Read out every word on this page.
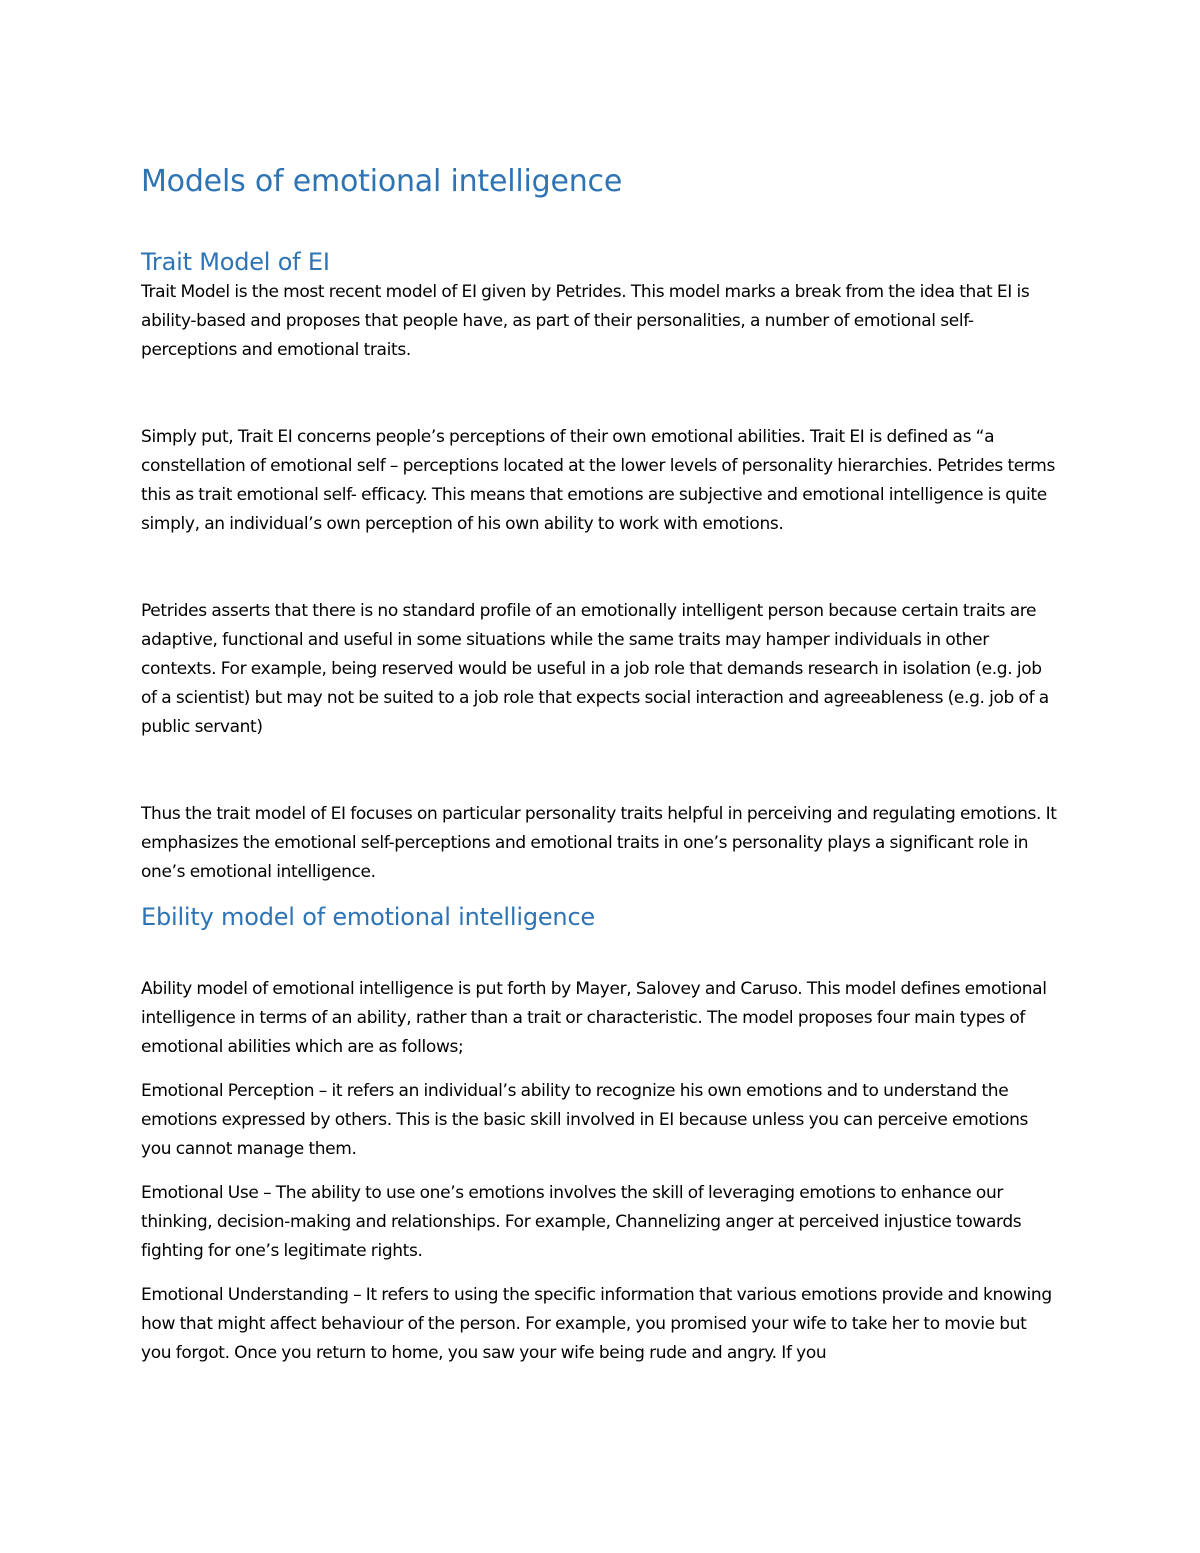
Models of emotional intelligence
Trait Model of EI

Trait Model is the most recent model of EI given by Petrides. This model marks a break from the idea that EI is ability-based and proposes that people have, as part of their personalities, a number of emotional self-perceptions and emotional traits.

Simply put, Trait EI concerns people’s perceptions of their own emotional abilities. Trait EI is defined as “a constellation of emotional self – perceptions located at the lower levels of personality hierarchies. Petrides terms this as trait emotional self- efficacy. This means that emotions are subjective and emotional intelligence is quite simply, an individual’s own perception of his own ability to work with emotions.

Petrides asserts that there is no standard profile of an emotionally intelligent person because certain traits are adaptive, functional and useful in some situations while the same traits may hamper individuals in other contexts. For example, being reserved would be useful in a job role that demands research in isolation (e.g. job of a scientist) but may not be suited to a job role that expects social interaction and agreeableness (e.g. job of a public servant)

Thus the trait model of EI focuses on particular personality traits helpful in perceiving and regulating emotions. It emphasizes the emotional self-perceptions and emotional traits in one’s personality plays a significant role in one’s emotional intelligence.

Ebility model of emotional intelligence

Ability model of emotional intelligence is put forth by Mayer, Salovey and Caruso. This model defines emotional intelligence in terms of an ability, rather than a trait or characteristic. The model proposes four main types of emotional abilities which are as follows;

Emotional Perception – it refers an individual’s ability to recognize his own emotions and to understand the emotions expressed by others. This is the basic skill involved in EI because unless you can perceive emotions you cannot manage them.

Emotional Use – The ability to use one’s emotions involves the skill of leveraging emotions to enhance our thinking, decision-making and relationships. For example, Channelizing anger at perceived injustice towards fighting for one’s legitimate rights.

Emotional Understanding – It refers to using the specific information that various emotions provide and knowing how that might affect behaviour of the person. For example, you promised your wife to take her to movie but you forgot. Once you return to home, you saw your wife being rude and angry. If you
